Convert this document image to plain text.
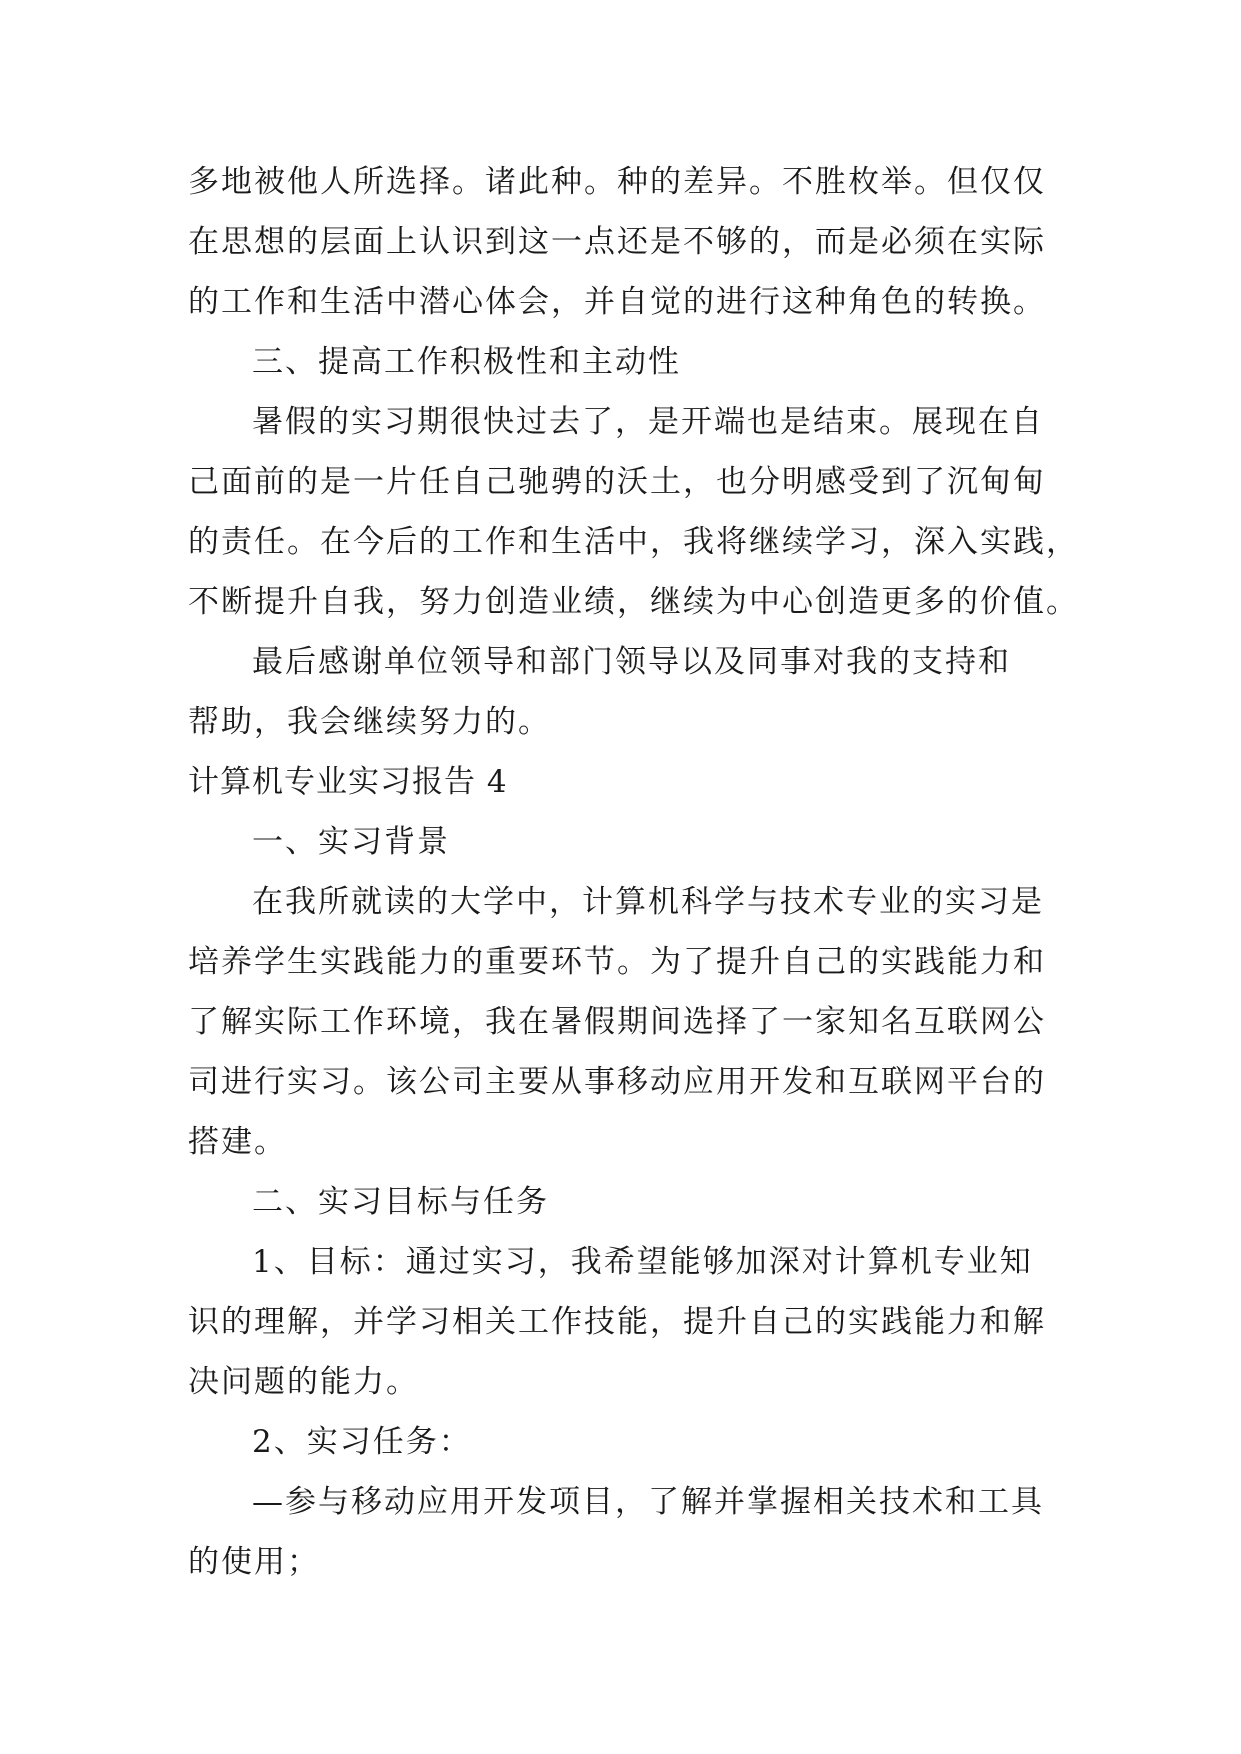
多地被他人所选择。诸此种。种的差异。不胜枚举。但仅仅
在思想的层面上认识到这一点还是不够的，而是必须在实际
的工作和生活中潜心体会，并自觉的进行这种角色的转换。
三、提高工作积极性和主动性
暑假的实习期很快过去了，是开端也是结束。展现在自
己面前的是一片任自己驰骋的沃土，也分明感受到了沉甸甸
的责任。在今后的工作和生活中，我将继续学习，深入实践，
不断提升自我，努力创造业绩，继续为中心创造更多的价值。
最后感谢单位领导和部门领导以及同事对我的支持和
帮助，我会继续努力的。
计算机专业实习报告 4
一、实习背景
在我所就读的大学中，计算机科学与技术专业的实习是
培养学生实践能力的重要环节。为了提升自己的实践能力和
了解实际工作环境，我在暑假期间选择了一家知名互联网公
司进行实习。该公司主要从事移动应用开发和互联网平台的
搭建。
二、实习目标与任务
1、目标：通过实习，我希望能够加深对计算机专业知
识的理解，并学习相关工作技能，提升自己的实践能力和解
决问题的能力。
2、实习任务：
—参与移动应用开发项目，了解并掌握相关技术和工具
的使用；
